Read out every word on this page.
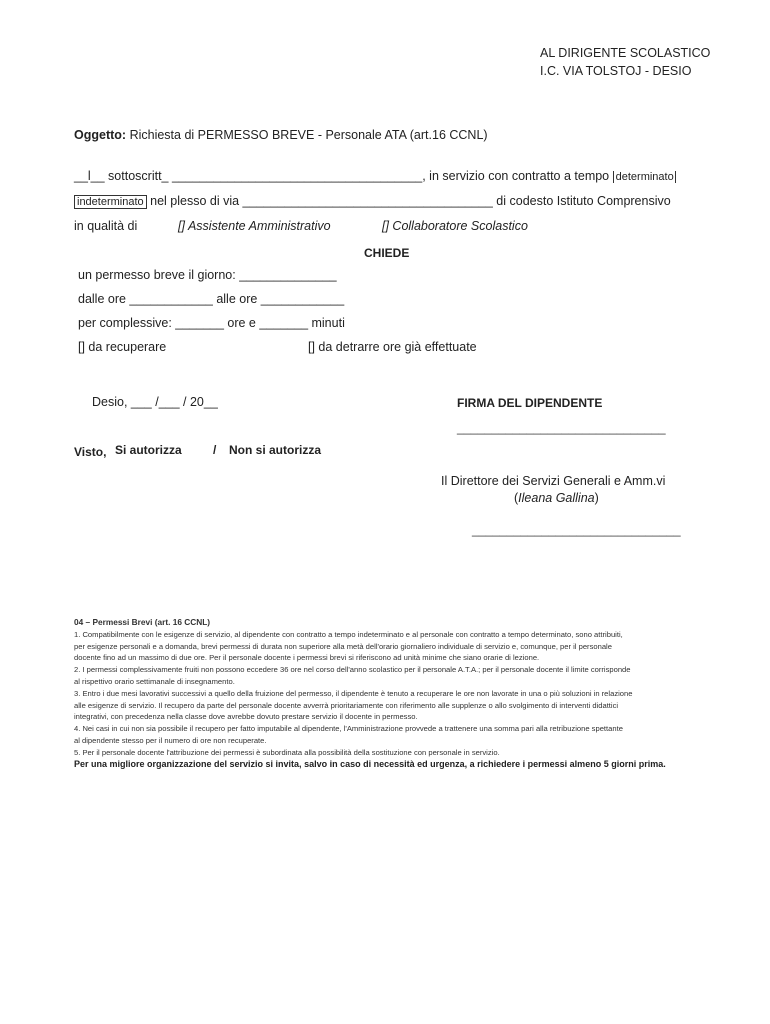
AL DIRIGENTE SCOLASTICO
I.C. VIA TOLSTOJ - DESIO
Oggetto: Richiesta di PERMESSO BREVE - Personale ATA (art.16 CCNL)
__l__ sottoscritt_ ____________________________________, in servizio con contratto a tempo determinato
indeterminato nel plesso di via ____________________________________ di codesto Istituto Comprensivo
in qualità di	[] Assistente Amministrativo	[] Collaboratore Scolastico
CHIEDE
un permesso breve il giorno: ______________
dalle ore ____________ alle ore ____________
per complessive: _______ ore e _______ minuti
[] da recuperare	[] da detrarre ore già effettuate
Desio, ___ /___ / 20__	FIRMA DEL DIPENDENTE
______________________________
Visto, Si autorizza	/ Non si autorizza
Il Direttore dei Servizi Generali e Amm.vi
(Ileana Gallina)
______________________________
04 – Permessi Brevi (art. 16 CCNL)
1. Compatibilmente con le esigenze di servizio, al dipendente con contratto a tempo indeterminato e al personale con contratto a tempo determinato, sono attribuiti,
per esigenze personali e a domanda, brevi permessi di durata non superiore alla metà dell'orario giornaliero individuale di servizio e, comunque, per il personale
docente fino ad un massimo di due ore. Per il personale docente i permessi brevi si riferiscono ad unità minime che siano orarie di lezione.
2. I permessi complessivamente fruiti non possono eccedere 36 ore nel corso dell'anno scolastico per il personale A.T.A.; per il personale docente il limite corrisponde
al rispettivo orario settimanale di insegnamento.
3. Entro i due mesi lavorativi successivi a quello della fruizione del permesso, il dipendente è tenuto a recuperare le ore non lavorate in una o più soluzioni in relazione
alle esigenze di servizio. Il recupero da parte del personale docente avverrà prioritariamente con riferimento alle supplenze o allo svolgimento di interventi didattici
integrativi, con precedenza nella classe dove avrebbe dovuto prestare servizio il docente in permesso.
4. Nei casi in cui non sia possibile il recupero per fatto imputabile al dipendente, l'Amministrazione provvede a trattenere una somma pari alla retribuzione spettante
al dipendente stesso per il numero di ore non recuperate.
5. Per il personale docente l'attribuzione dei permessi è subordinata alla possibilità della sostituzione con personale in servizio.
Per una migliore organizzazione del servizio si invita, salvo in caso di necessità ed urgenza, a richiedere i permessi almeno 5 giorni prima.
